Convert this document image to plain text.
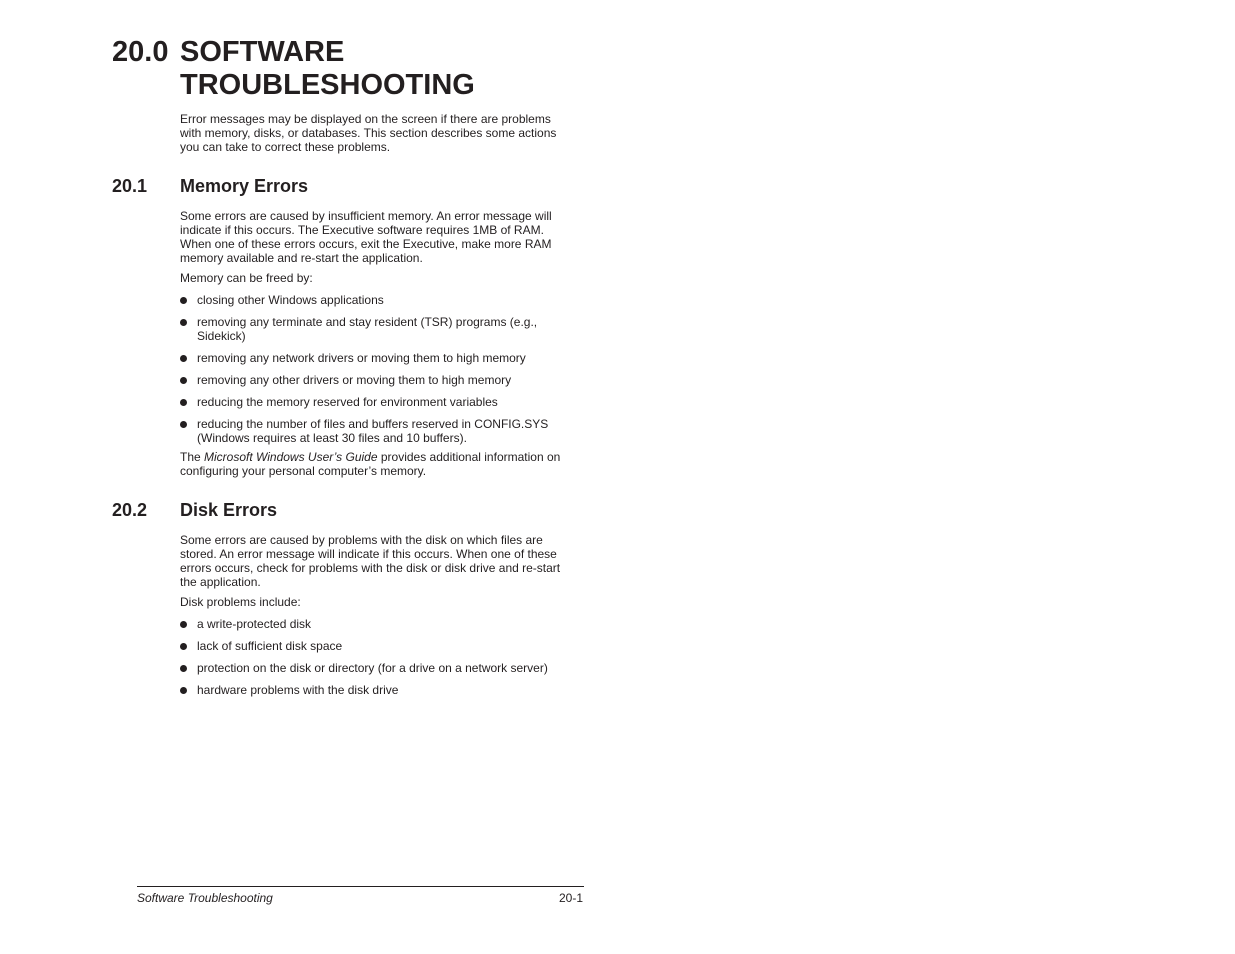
20.0 SOFTWARE
TROUBLESHOOTING

Error messages may be displayed on the screen if there are problems with memory, disks, or databases. This section describes some actions you can take to correct these problems.

20.1 Memory Errors

Some errors are caused by insufficient memory. An error message will indicate if this occurs. The Executive software requires 1MB of RAM. When one of these errors occurs, exit the Executive, make more RAM memory available and re-start the application.

Memory can be freed by:

closing other Windows applications
removing any terminate and stay resident (TSR) programs (e.g., Sidekick)
removing any network drivers or moving them to high memory
removing any other drivers or moving them to high memory
reducing the memory reserved for environment variables
reducing the number of files and buffers reserved in CONFIG.SYS (Windows requires at least 30 files and 10 buffers).

The Microsoft Windows User’s Guide provides additional information on configuring your personal computer’s memory.

20.2 Disk Errors

Some errors are caused by problems with the disk on which files are stored. An error message will indicate if this occurs. When one of these errors occurs, check for problems with the disk or disk drive and re-start the application.

Disk problems include:

a write-protected disk
lack of sufficient disk space
protection on the disk or directory (for a drive on a network server)
hardware problems with the disk drive
Software Troubleshooting	20-1
